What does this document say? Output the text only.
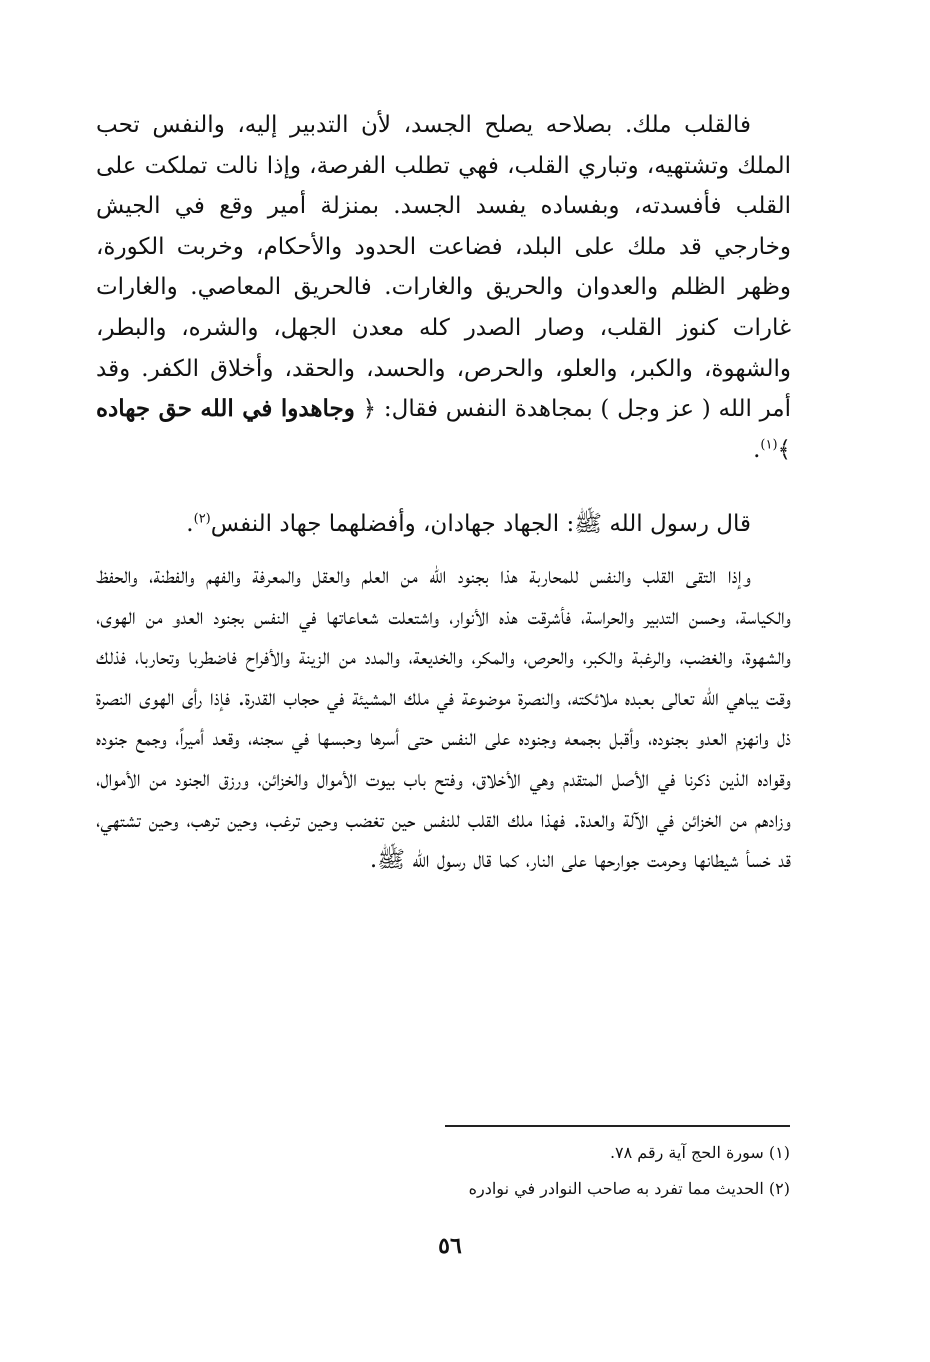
فالقلب ملك. بصلاحه يصلح الجسد، لأن التدبير إليه، والنفس تحب الملك وتشتهيه، وتباري القلب، فهي تطلب الفرصة، وإذا نالت تملكت على القلب فأفسدته، وبفساده يفسد الجسد. بمنزلة أمير وقع في الجيش وخارجي قد ملك على البلد، فضاعت الحدود والأحكام، وخربت الكورة، وظهر الظلم والعدوان والحريق والغارات. فالحريق المعاصي. والغارات غارات كنوز القلب، وصار الصدر كله معدن الجهل، والشره، والبطر، والشهوة، والكبر، والعلو، والحرص، والحسد، والحقد، وأخلاق الكفر. وقد أمر الله ( عز وجل ) بمجاهدة النفس فقال: ﴿ وجاهدوا في الله حق جهاده ﴾$^{(١)}$.

قال رسول الله ﷺ: الجهاد جهادان، وأفضلهما جهاد النفس$^{(٢)}$.

وإذا التقى القلب والنفس للمحاربة هذا بجنود الله من العلم والعقل والمعرفة والفهم والفطنة، والحفظ والكياسة، وحسن التدبير والحراسة، فأشرقت هذه الأنوار، واشتعلت شعاعاتها في النفس بجنود العدو من الهوى، والشهوة، والغضب، والرغبة والكبر، والحرص، والمكر، والخديعة، والمدد من الزينة والأفراح فاضطربا وتحاربا، فذلك وقت يباهي الله تعالى بعبده ملائكته، والنصرة موضوعة في ملك المشيئة في حجاب القدرة. فإذا رأى الهوى النصرة ذل وانهزم العدو بجنوده، وأقبل بجمعه وجنوده على النفس حتى أسرها وحبسها في سجنه، وقعد أميراً، وجمع جنوده وقواده الذين ذكرنا في الأصل المتقدم وهي الأخلاق، وفتح باب بيوت الأموال والخزائن، ورزق الجنود من الأموال، وزادهم من الخزائن في الآلة والعدة. فهذا ملك القلب للنفس حين تغضب وحين ترغب، وحين ترهب، وحين تشتهي، قد خسأ شيطانها وحرمت جوارحها على النار، كما قال رسول الله ﷺ.

(١) سورة الحج آية رقم ٧٨.
(٢) الحديث مما تفرد به صاحب النوادر في نوادره
٥٦
